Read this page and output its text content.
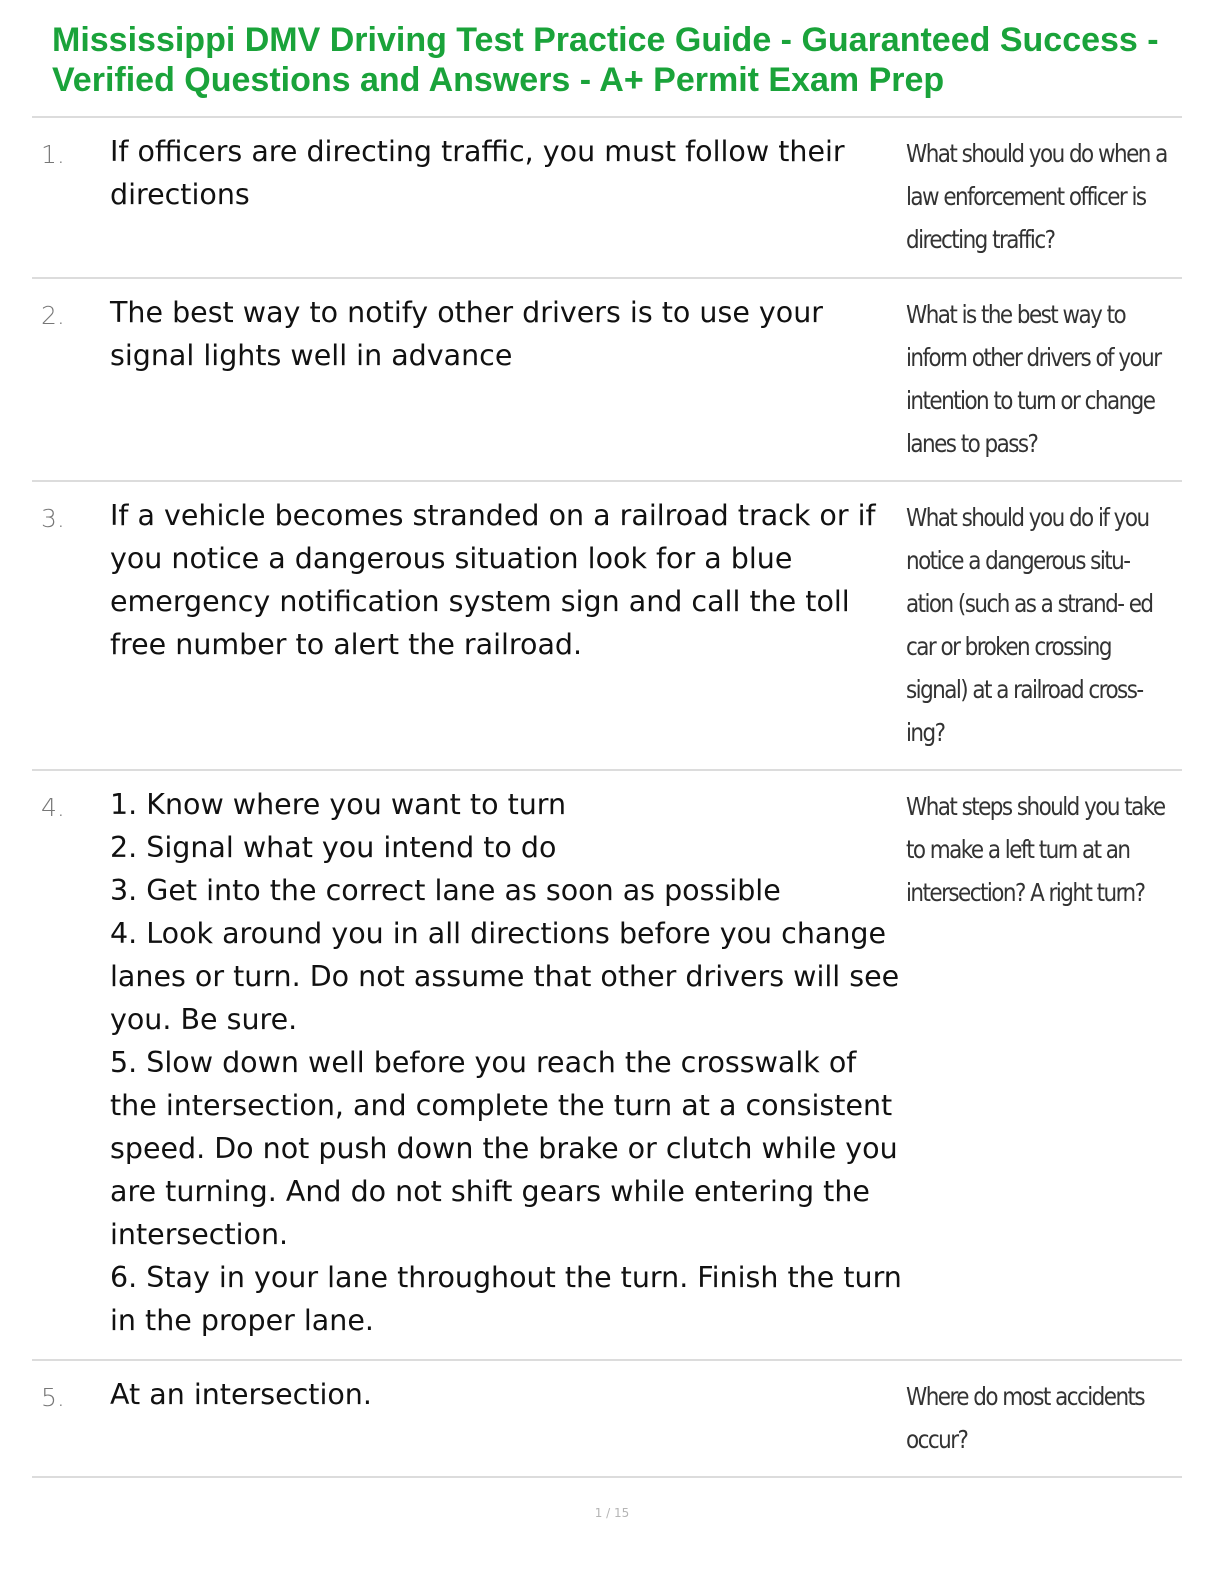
Mississippi DMV Driving Test Practice Guide - Guaranteed Success - Verified Questions and Answers - A+ Permit Exam Prep
1. If officers are directing traffic, you must follow their directions
What should you do when a law enforcement officer is directing traffic?
2. The best way to notify other drivers is to use your signal lights well in advance
What is the best way to inform other drivers of your intention to turn or change lanes to pass?
3. If a vehicle becomes stranded on a railroad track or if you notice a dangerous situation look for a blue emergency notification system sign and call the toll free number to alert the railroad.
What should you do if you notice a dangerous situ- ation (such as a strand- ed car or broken crossing signal) at a railroad cross- ing?
4. 1. Know where you want to turn
2. Signal what you intend to do
3. Get into the correct lane as soon as possible
4. Look around you in all directions before you change lanes or turn. Do not assume that other drivers will see you. Be sure.
5. Slow down well before you reach the crosswalk of the intersection, and complete the turn at a consistent speed. Do not push down the brake or clutch while you are turning. And do not shift gears while entering the intersection.
6. Stay in your lane throughout the turn. Finish the turn in the proper lane.
What steps should you take to make a left turn at an intersection? A right turn?
5. At an intersection.	Where do most accidents occur?
1 / 15
